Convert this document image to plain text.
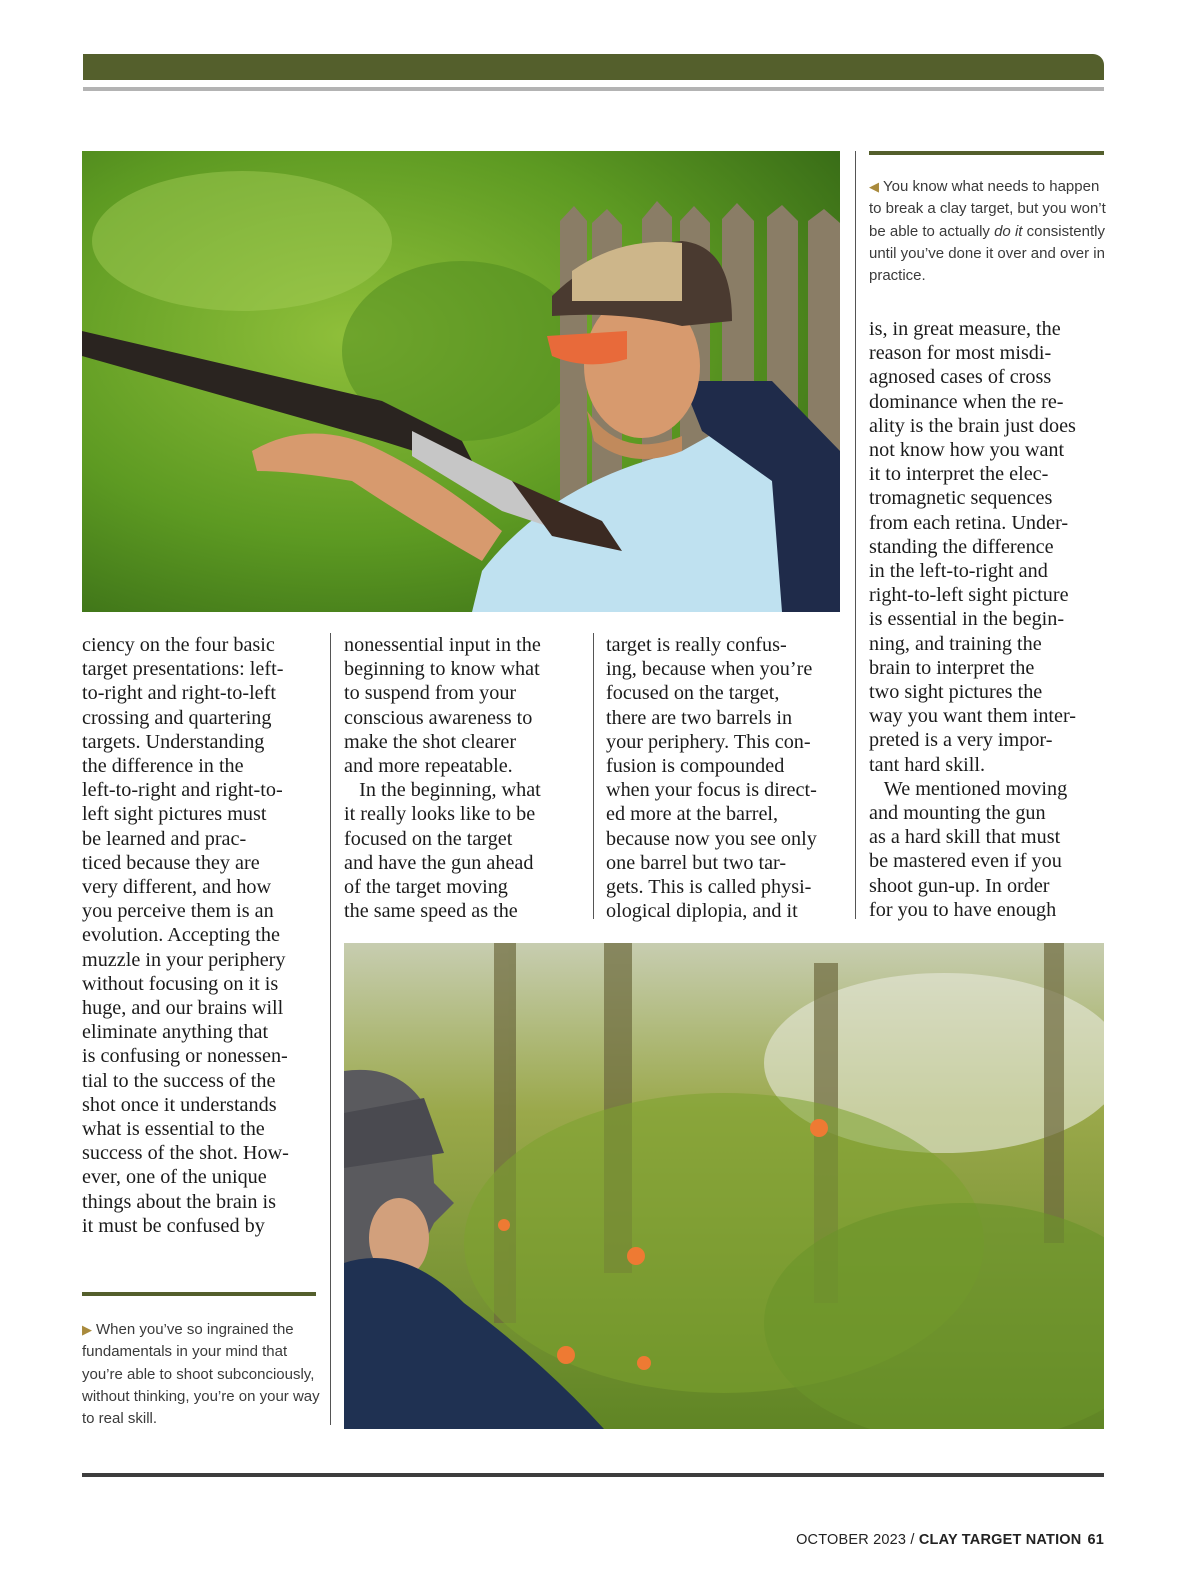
◀ You know what needs to happen to break a clay target, but you won’t be able to actually do it consistently until you’ve done it over and over in practice.
ciency on the four basic
target presentations: left-
to-right and right-to-left
crossing and quartering
targets. Understanding
the difference in the
left-to-right and right-to-
left sight pictures must
be learned and prac-
ticed because they are
very different, and how
you perceive them is an
evolution. Accepting the
muzzle in your periphery
without focusing on it is
huge, and our brains will
eliminate anything that
is confusing or nonessen-
tial to the success of the
shot once it understands
what is essential to the
success of the shot. How-
ever, one of the unique
things about the brain is
it must be confused by
nonessential input in the
beginning to know what
to suspend from your
conscious awareness to
make the shot clearer
and more repeatable.
In the beginning, what
it really looks like to be
focused on the target
and have the gun ahead
of the target moving
the same speed as the
target is really confus-
ing, because when you’re
focused on the target,
there are two barrels in
your periphery. This con-
fusion is compounded
when your focus is direct-
ed more at the barrel,
because now you see only
one barrel but two tar-
gets. This is called physi-
ological diplopia, and it
is, in great measure, the
reason for most misdi-
agnosed cases of cross
dominance when the re-
ality is the brain just does
not know how you want
it to interpret the elec-
tromagnetic sequences
from each retina. Under-
standing the difference
in the left-to-right and
right-to-left sight picture
is essential in the begin-
ning, and training the
brain to interpret the
two sight pictures the
way you want them inter-
preted is a very impor-
tant hard skill.
We mentioned moving
and mounting the gun
as a hard skill that must
be mastered even if you
shoot gun-up. In order
for you to have enough
▶ When you’ve so ingrained the fundamentals in your mind that you’re able to shoot subconciously, without thinking, you’re on your way to real skill.
OCTOBER 2023 / CLAY TARGET NATION 61
